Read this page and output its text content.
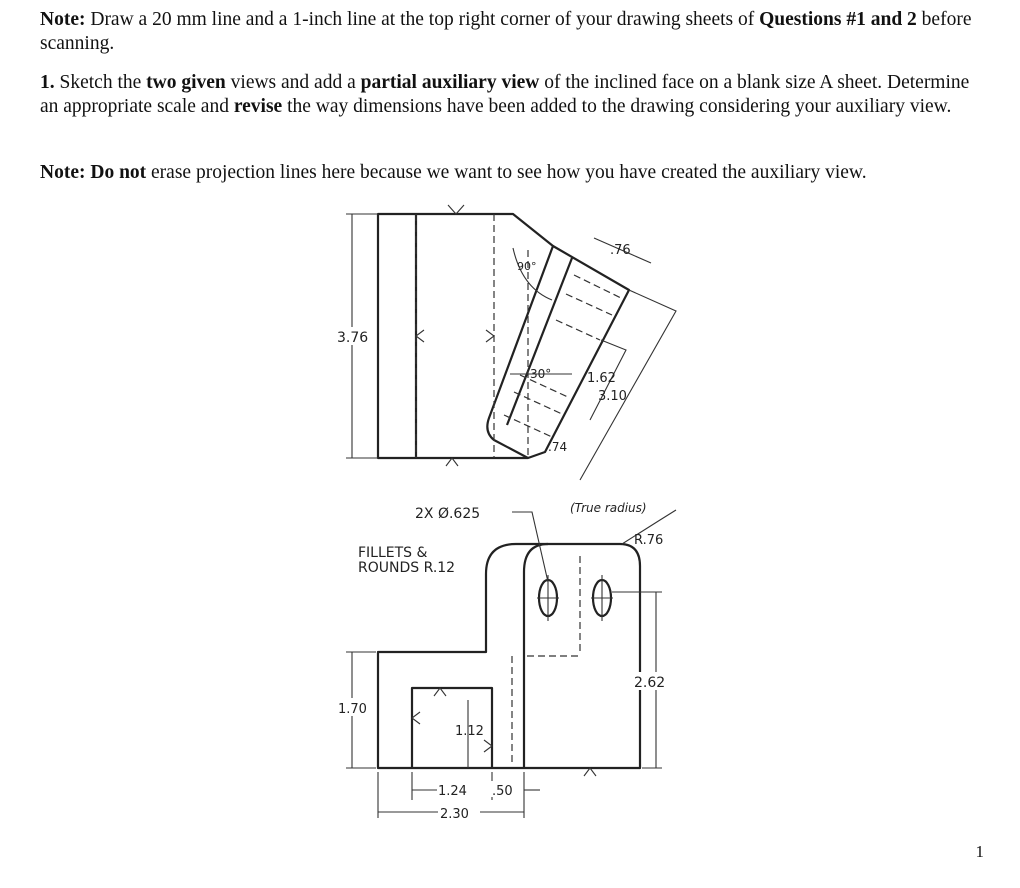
Note: Draw a 20 mm line and a 1-inch line at the top right corner of your drawing sheets of Questions #1 and 2 before scanning.
1. Sketch the two given views and add a partial auxiliary view of the inclined face on a blank size A sheet. Determine an appropriate scale and revise the way dimensions have been added to the drawing considering your auxiliary view.
Note: Do not erase projection lines here because we want to see how you have created the auxiliary view.
3.76
90°
30°
.76
1.62
3.10
.74
2X Ø.625
FILLETS &
ROUNDS R.12
(True radius)
R.76
2.62
1.70
1.12
1.24 .50
2.30
1
